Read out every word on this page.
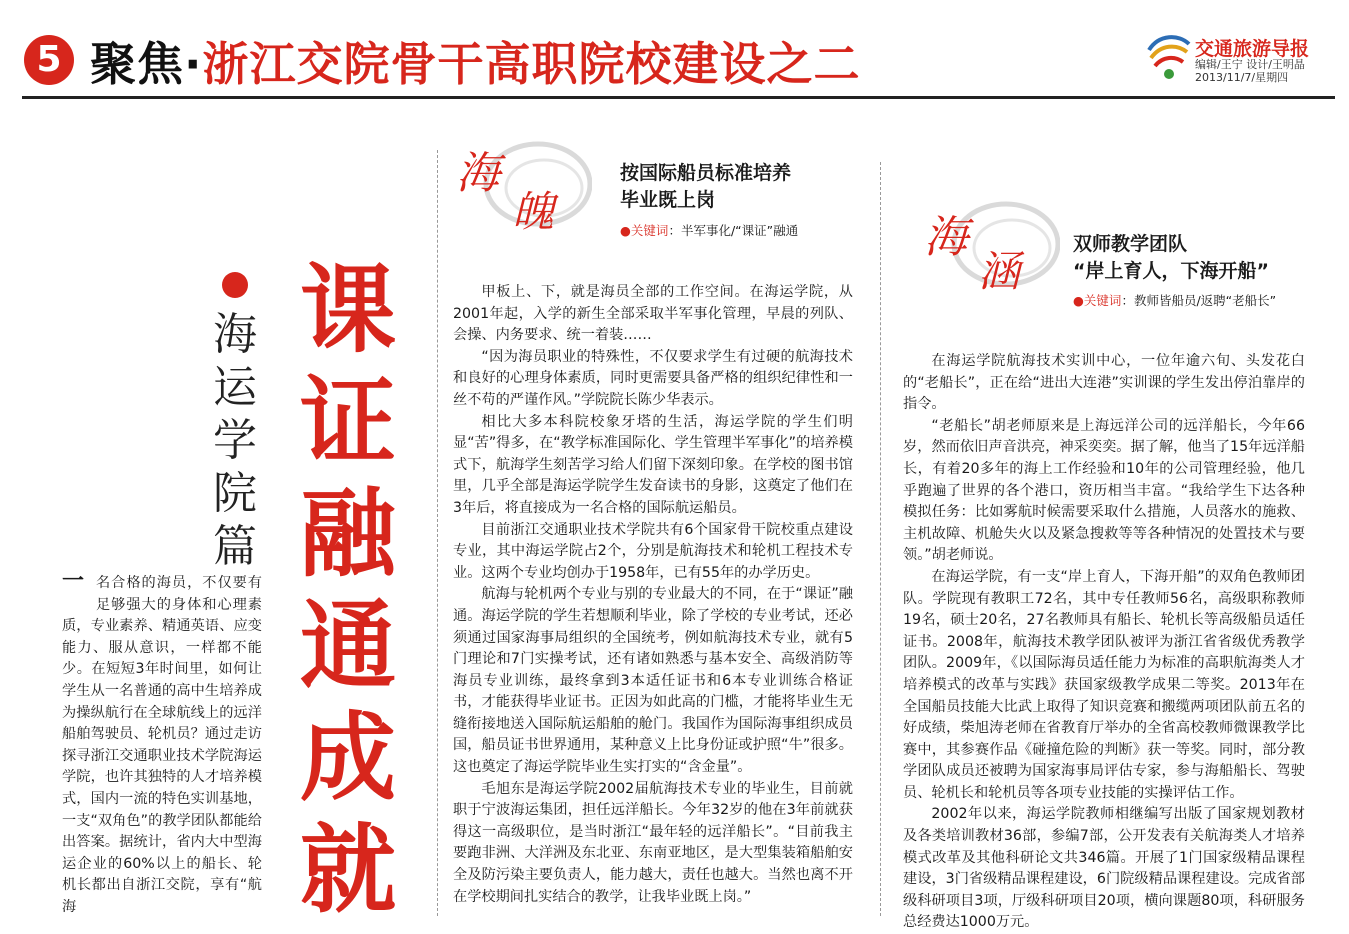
5 聚焦·浙江交院骨干高职院校建设之二	交通旅游导报
编辑/王宁 设计/王明晶
2013/11/7/星期四
海
运
学
院
篇
课
证
融
通
成
就
一名合格的海员，不仅要有足够强大的身体和心理素质，专业素养、精通英语、应变能力、服从意识，一样都不能少。在短短3年时间里，如何让学生从一名普通的高中生培养成为操纵航行在全球航线上的远洋船舶驾驶员、轮机员？通过走访探寻浙江交通职业技术学院海运学院，也许其独特的人才培养模式，国内一流的特色实训基地，一支“双角色”的教学团队都能给出答案。据统计，省内大中型海运企业的60%以上的船长、轮机长都出自浙江交院，享有“航海
海
魄
按国际船员标准培养
毕业既上岗
●关键词：半军事化/“课证”融通

甲板上、下，就是海员全部的工作空间。在海运学院，从2001年起，入学的新生全部采取半军事化管理，早晨的列队、会操、内务要求、统一着装……

“因为海员职业的特殊性，不仅要求学生有过硬的航海技术和良好的心理身体素质，同时更需要具备严格的组织纪律性和一丝不苟的严谨作风。”学院院长陈少华表示。

相比大多本科院校象牙塔的生活，海运学院的学生们明显“苦”得多，在“教学标准国际化、学生管理半军事化”的培养模式下，航海学生刻苦学习给人们留下深刻印象。在学校的图书馆里，几乎全部是海运学院学生发奋读书的身影，这奠定了他们在3年后，将直接成为一名合格的国际航运船员。

目前浙江交通职业技术学院共有6个国家骨干院校重点建设专业，其中海运学院占2个，分别是航海技术和轮机工程技术专业。这两个专业均创办于1958年，已有55年的办学历史。

航海与轮机两个专业与别的专业最大的不同，在于“课证”融通。海运学院的学生若想顺利毕业，除了学校的专业考试，还必须通过国家海事局组织的全国统考，例如航海技术专业，就有5门理论和7门实操考试，还有诸如熟悉与基本安全、高级消防等海员专业训练，最终拿到3本适任证书和6本专业训练合格证书，才能获得毕业证书。正因为如此高的门槛，才能将毕业生无缝衔接地送入国际航运船舶的舱门。我国作为国际海事组织成员国，船员证书世界通用，某种意义上比身份证或护照“牛”很多。这也奠定了海运学院毕业生实打实的“含金量”。

毛旭东是海运学院2002届航海技术专业的毕业生，目前就职于宁波海运集团，担任远洋船长。今年32岁的他在3年前就获得这一高级职位，是当时浙江“最年轻的远洋船长”。“目前我主要跑非洲、大洋洲及东北亚、东南亚地区，是大型集装箱船舶安全及防污染主要负责人，能力越大，责任也越大。当然也离不开在学校期间扎实结合的教学，让我毕业既上岗。”

海
涵
双师教学团队
“岸上育人，下海开船”
●关键词：教师皆船员/返聘“老船长”

在海运学院航海技术实训中心，一位年逾六旬、头发花白的“老船长”，正在给“进出大连港”实训课的学生发出停泊靠岸的指令。

“老船长”胡老师原来是上海远洋公司的远洋船长，今年66岁，然而依旧声音洪亮，神采奕奕。据了解，他当了15年远洋船长，有着20多年的海上工作经验和10年的公司管理经验，他几乎跑遍了世界的各个港口，资历相当丰富。“我给学生下达各种模拟任务：比如雾航时候需要采取什么措施，人员落水的施救、主机故障、机舱失火以及紧急搜救等等各种情况的处置技术与要领。”胡老师说。

在海运学院，有一支“岸上育人，下海开船”的双角色教师团队。学院现有教职工72名，其中专任教师56名，高级职称教师19名，硕士20名，27名教师具有船长、轮机长等高级船员适任证书。2008年，航海技术教学团队被评为浙江省省级优秀教学团队。2009年，《以国际海员适任能力为标准的高职航海类人才培养模式的改革与实践》获国家级教学成果二等奖。2013年在全国船员技能大比武上取得了知识竞赛和搬缆两项团队前五名的好成绩，柴旭涛老师在省教育厅举办的全省高校教师微课教学比赛中，其参赛作品《碰撞危险的判断》获一等奖。同时，部分教学团队成员还被聘为国家海事局评估专家，参与海船船长、驾驶员、轮机长和轮机员等各项专业技能的实操评估工作。

2002年以来，海运学院教师相继编写出版了国家规划教材及各类培训教材36部，参编7部，公开发表有关航海类人才培养模式改革及其他科研论文共346篇。开展了1门国家级精品课程建设，3门省级精品课程建设，6门院级精品课程建设。完成省部级科研项目3项，厅级科研项目20项，横向课题80项，科研服务总经费达1000万元。
